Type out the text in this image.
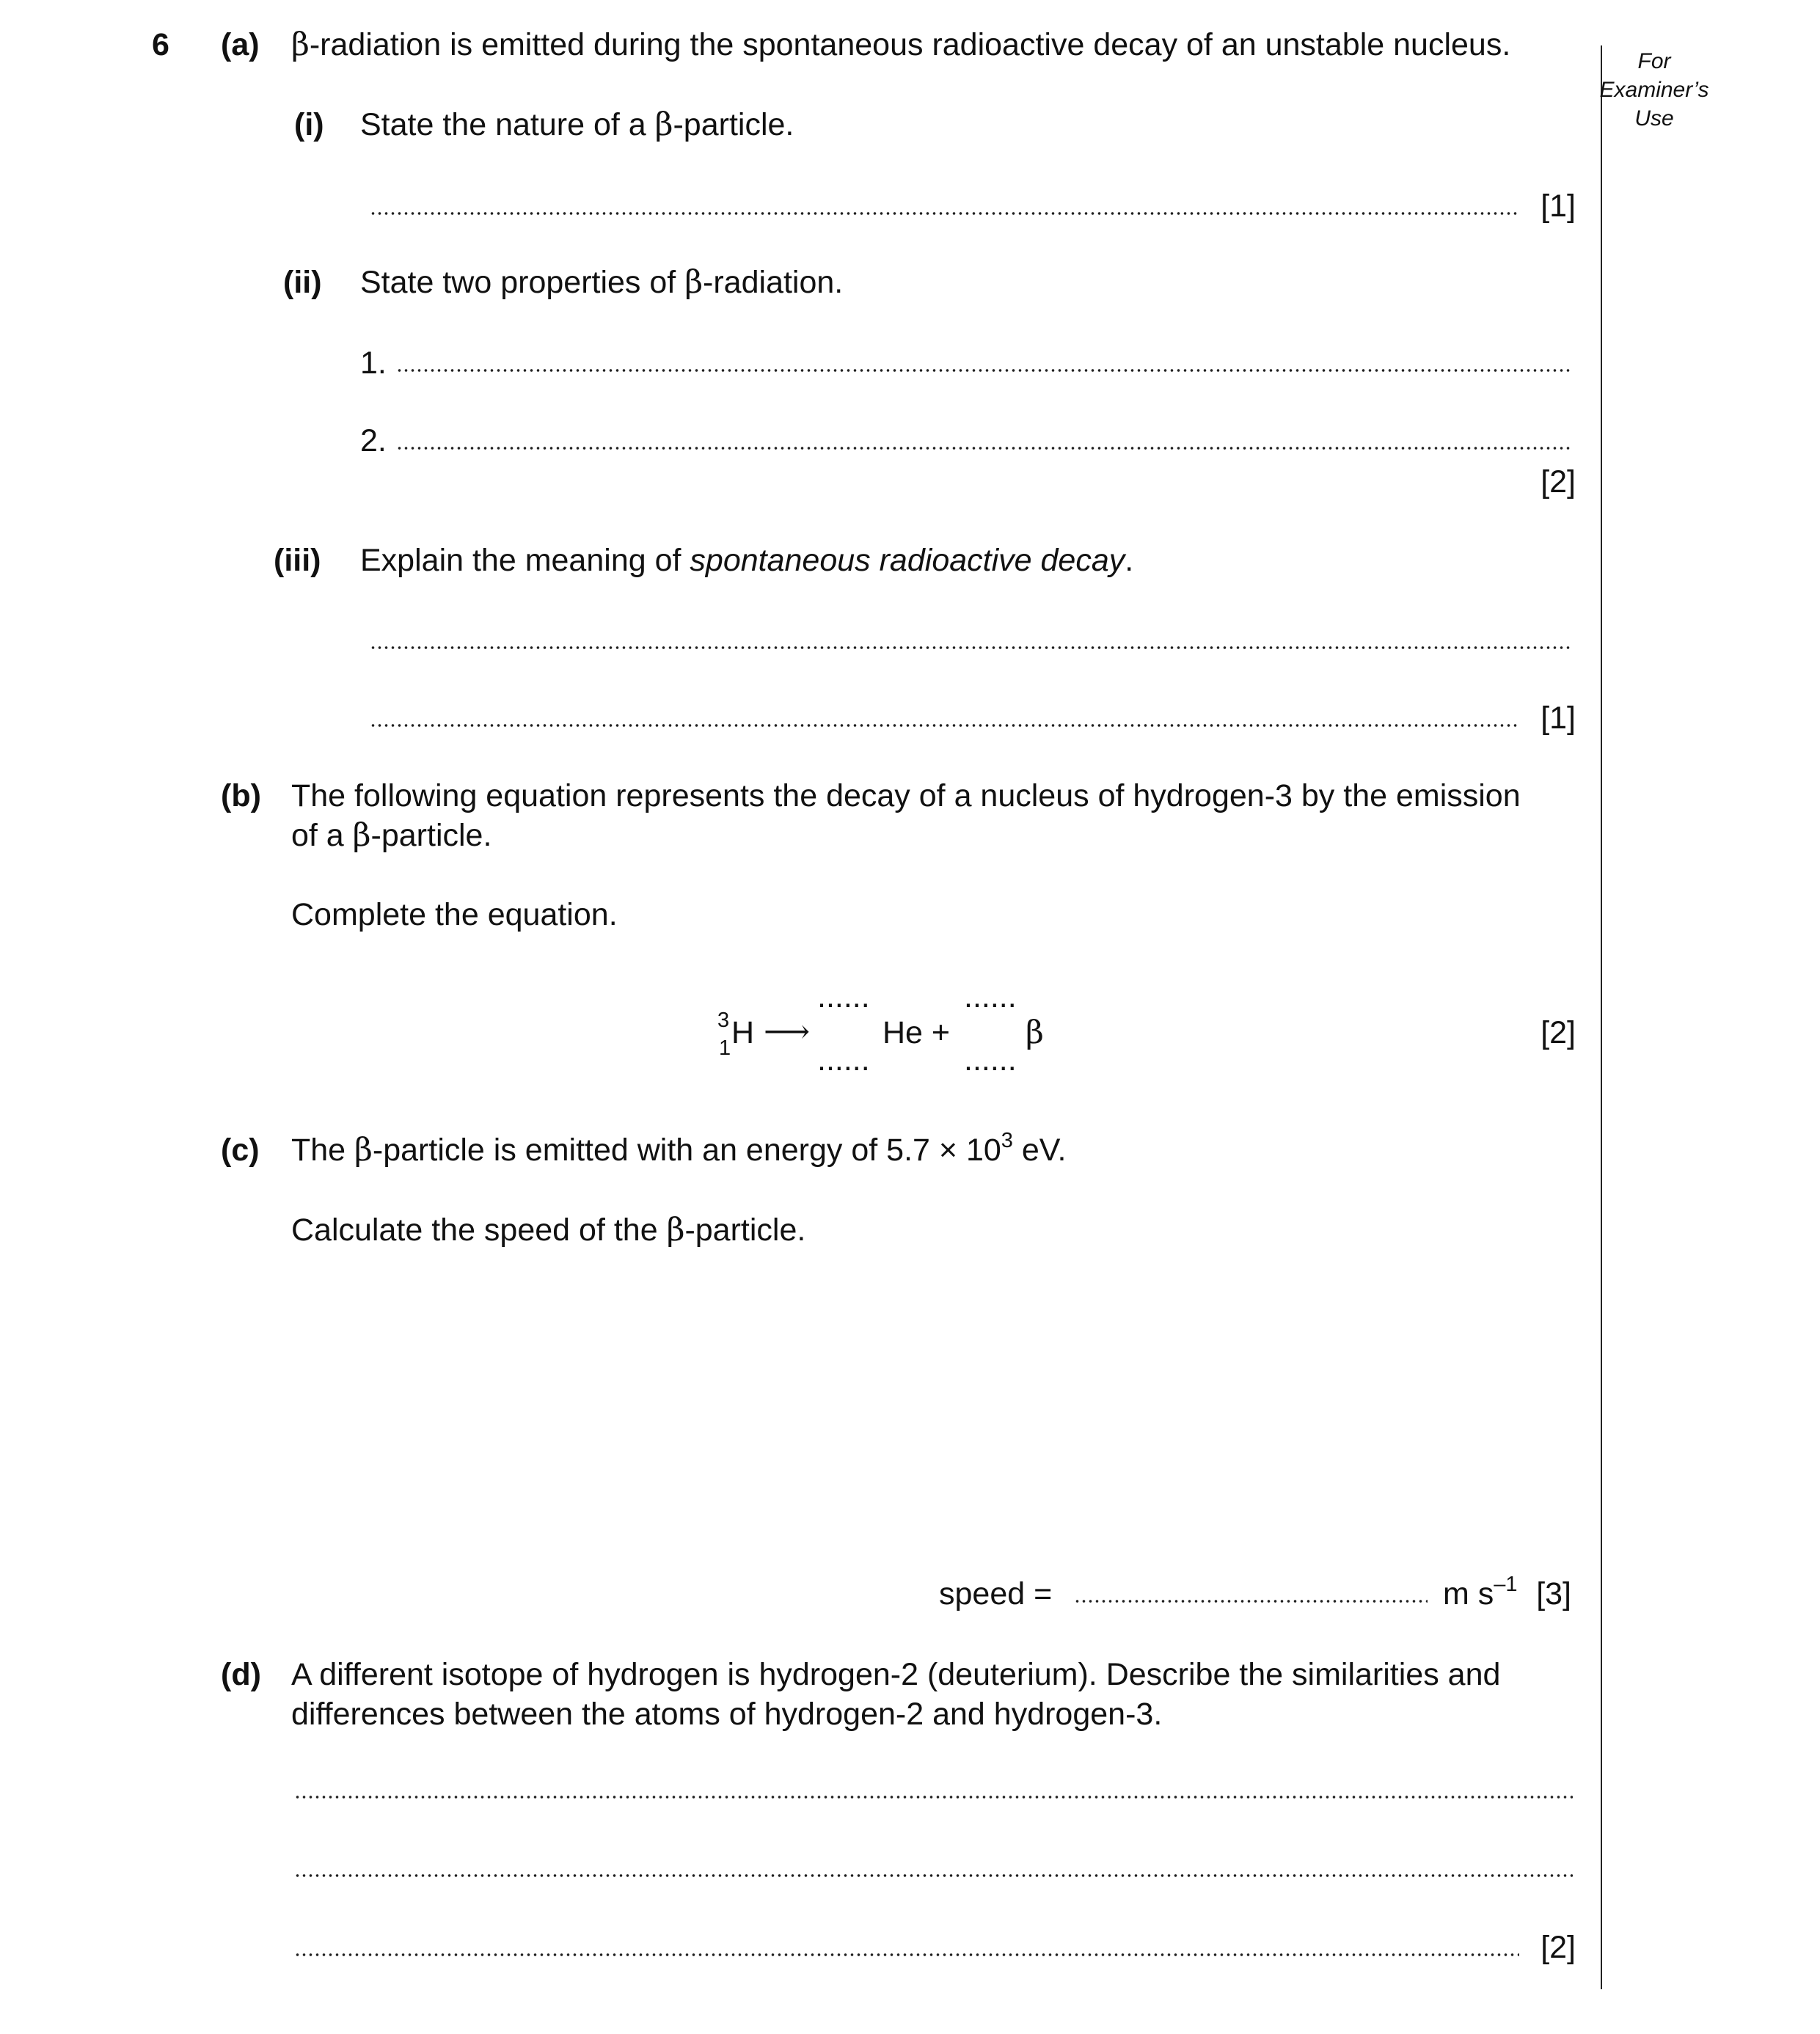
For
Examiner’s
Use
6 (a) β-radiation is emitted during the spontaneous radioactive decay of an unstable nucleus.
(i) State the nature of a β-particle.
[1]
(ii) State two properties of β-radiation.
1.
2.
[2]
(iii) Explain the meaning of spontaneous radioactive decay.
[1]
(b) The following equation represents the decay of a nucleus of hydrogen-3 by the emission
of a β-particle.
Complete the equation.
3
1 H ⟶
......
......
He +
......
......
β	[2]
(c) The β-particle is emitted with an energy of $5.7 \times 10^3$ eV.
Calculate the speed of the β-particle.
speed =	m $s^{-1}$ [3]
(d) A different isotope of hydrogen is hydrogen-2 (deuterium). Describe the similarities and
differences between the atoms of hydrogen-2 and hydrogen-3.
[2]
